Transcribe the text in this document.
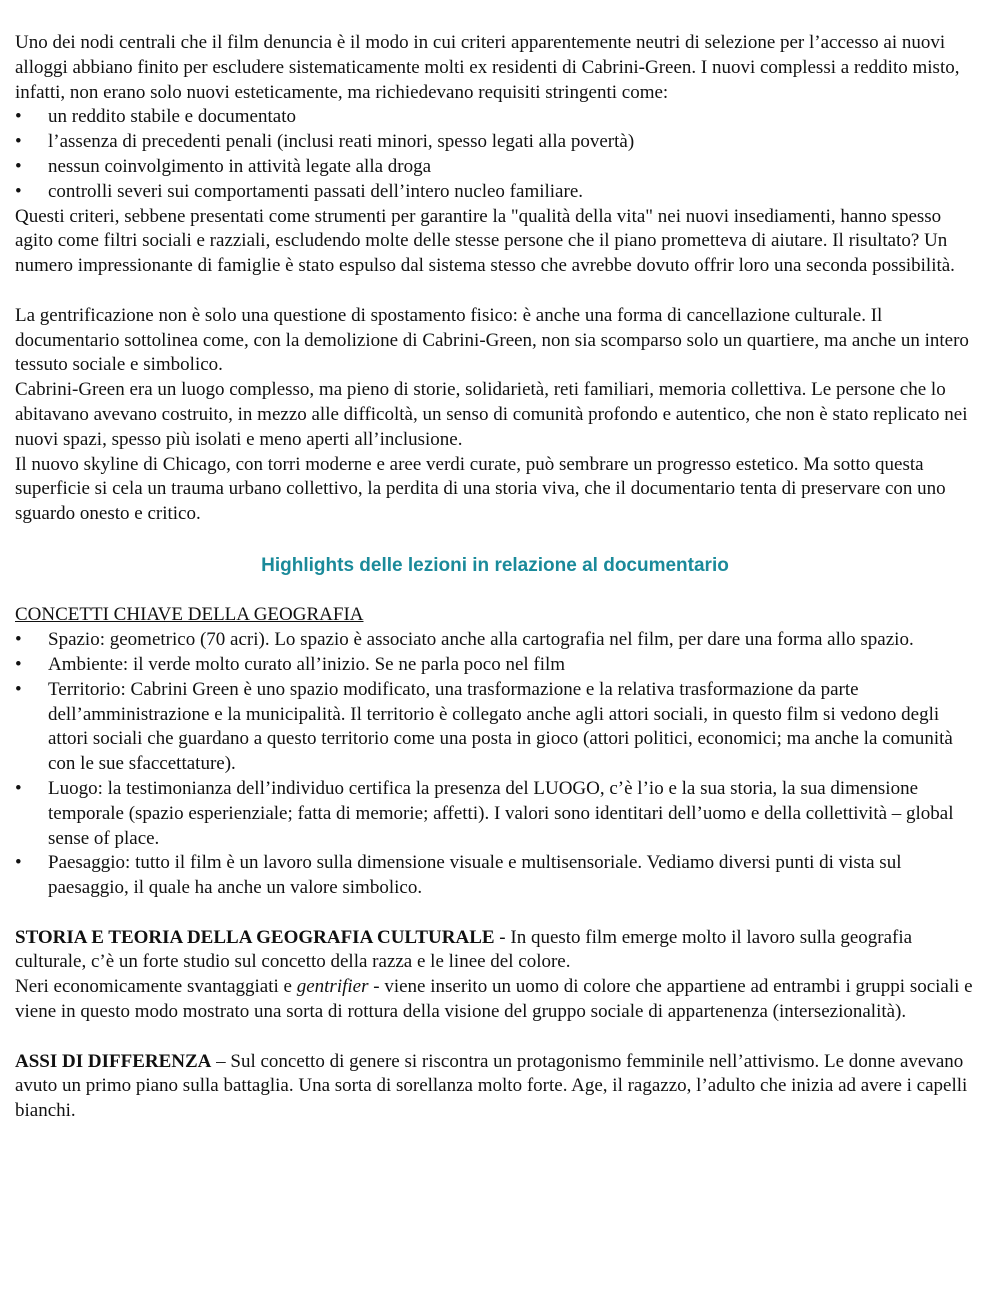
Uno dei nodi centrali che il film denuncia è il modo in cui criteri apparentemente neutri di selezione per l’accesso ai nuovi alloggi abbiano finito per escludere sistematicamente molti ex residenti di Cabrini-Green. I nuovi complessi a reddito misto, infatti, non erano solo nuovi esteticamente, ma richiedevano requisiti stringenti come:

• un reddito stabile e documentato
• l’assenza di precedenti penali (inclusi reati minori, spesso legati alla povertà)
• nessun coinvolgimento in attività legate alla droga
• controlli severi sui comportamenti passati dell’intero nucleo familiare.

Questi criteri, sebbene presentati come strumenti per garantire la "qualità della vita" nei nuovi insediamenti, hanno spesso agito come filtri sociali e razziali, escludendo molte delle stesse persone che il piano prometteva di aiutare. Il risultato? Un numero impressionante di famiglie è stato espulso dal sistema stesso che avrebbe dovuto offrir loro una seconda possibilità.

La gentrificazione non è solo una questione di spostamento fisico: è anche una forma di cancellazione culturale. Il documentario sottolinea come, con la demolizione di Cabrini-Green, non sia scomparso solo un quartiere, ma anche un intero tessuto sociale e simbolico.

Cabrini-Green era un luogo complesso, ma pieno di storie, solidarietà, reti familiari, memoria collettiva. Le persone che lo abitavano avevano costruito, in mezzo alle difficoltà, un senso di comunità profondo e autentico, che non è stato replicato nei nuovi spazi, spesso più isolati e meno aperti all’inclusione.

Il nuovo skyline di Chicago, con torri moderne e aree verdi curate, può sembrare un progresso estetico. Ma sotto questa superficie si cela un trauma urbano collettivo, la perdita di una storia viva, che il documentario tenta di preservare con uno sguardo onesto e critico.

Highlights delle lezioni in relazione al documentario

CONCETTI CHIAVE DELLA GEOGRAFIA

• Spazio: geometrico (70 acri). Lo spazio è associato anche alla cartografia nel film, per dare una forma allo spazio.
• Ambiente: il verde molto curato all’inizio. Se ne parla poco nel film
• Territorio: Cabrini Green è uno spazio modificato, una trasformazione e la relativa trasformazione da parte dell’amministrazione e la municipalità. Il territorio è collegato anche agli attori sociali, in questo film si vedono degli attori sociali che guardano a questo territorio come una posta in gioco (attori politici, economici; ma anche la comunità con le sue sfaccettature).
• Luogo: la testimonianza dell’individuo certifica la presenza del LUOGO, c’è l’io e la sua storia, la sua dimensione temporale (spazio esperienziale; fatta di memorie; affetti). I valori sono identitari dell’uomo e della collettività – global sense of place.
• Paesaggio: tutto il film è un lavoro sulla dimensione visuale e multisensoriale. Vediamo diversi punti di vista sul paesaggio, il quale ha anche un valore simbolico.

STORIA E TEORIA DELLA GEOGRAFIA CULTURALE - In questo film emerge molto il lavoro sulla geografia culturale, c’è un forte studio sul concetto della razza e le linee del colore.

Neri economicamente svantaggiati e gentrifier - viene inserito un uomo di colore che appartiene ad entrambi i gruppi sociali e viene in questo modo mostrato una sorta di rottura della visione del gruppo sociale di appartenenza (intersezionalità).

ASSI DI DIFFERENZA – Sul concetto di genere si riscontra un protagonismo femminile nell’attivismo. Le donne avevano avuto un primo piano sulla battaglia. Una sorta di sorellanza molto forte. Age, il ragazzo, l’adulto che inizia ad avere i capelli bianchi.
